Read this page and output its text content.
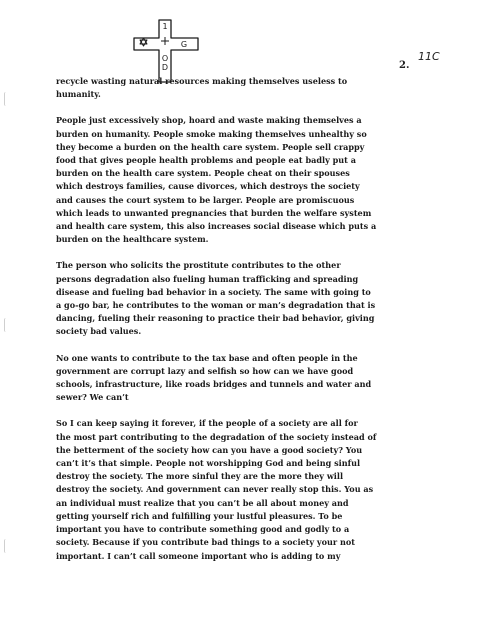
1
G
O
D	2.
11C

recycle wasting natural resources making themselves useless to
humanity.

People just excessively shop, hoard and waste making themselves a
burden on humanity. People smoke making themselves unhealthy so
they become a burden on the health care system. People sell crappy
food that gives people health problems and people eat badly put a
burden on the health care system. People cheat on their spouses
which destroys families, cause divorces, which destroys the society
and causes the court system to be larger. People are promiscuous
which leads to unwanted pregnancies that burden the welfare system
and health care system, this also increases social disease which puts a
burden on the healthcare system.

The person who solicits the prostitute contributes to the other
persons degradation also fueling human trafficking and spreading
disease and fueling bad behavior in a society. The same with going to
a go-go bar, he contributes to the woman or man’s degradation that is
dancing, fueling their reasoning to practice their bad behavior, giving
society bad values.

No one wants to contribute to the tax base and often people in the
government are corrupt lazy and selfish so how can we have good
schools, infrastructure, like roads bridges and tunnels and water and
sewer? We can’t

So I can keep saying it forever, if the people of a society are all for
the most part contributing to the degradation of the society instead of
the betterment of the society how can you have a good society? You
can’t it’s that simple. People not worshipping God and being sinful
destroy the society. The more sinful they are the more they will
destroy the society. And government can never really stop this. You as
an individual must realize that you can’t be all about money and
getting yourself rich and fulfilling your lustful pleasures. To be
important you have to contribute something good and godly to a
society. Because if you contribute bad things to a society your not
important. I can’t call someone important who is adding to my
